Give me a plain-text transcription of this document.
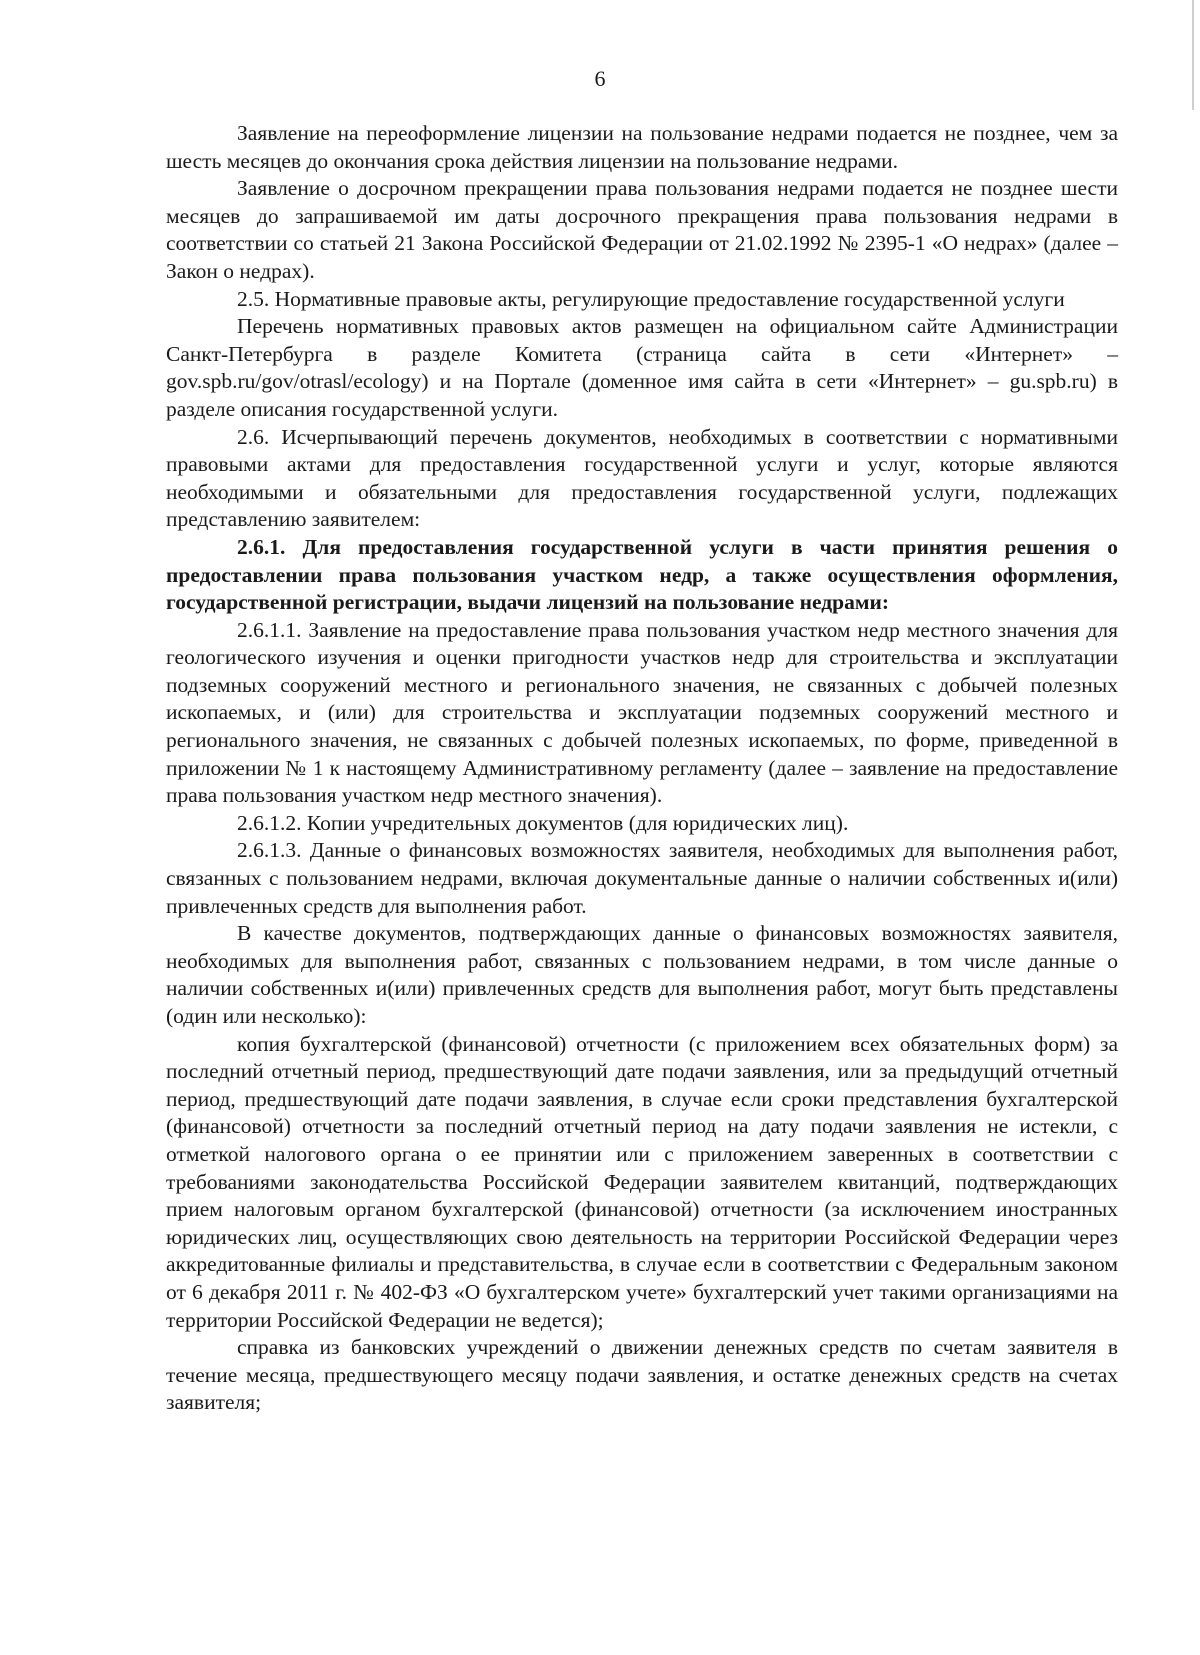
6

Заявление на переоформление лицензии на пользование недрами подается не позднее, чем за шесть месяцев до окончания срока действия лицензии на пользование недрами.

Заявление о досрочном прекращении права пользования недрами подается не позднее шести месяцев до запрашиваемой им даты досрочного прекращения права пользования недрами в соответствии со статьей 21 Закона Российской Федерации от 21.02.1992 № 2395-1 «О недрах» (далее – Закон о недрах).

2.5. Нормативные правовые акты, регулирующие предоставление государственной услуги

Перечень нормативных правовых актов размещен на официальном сайте Администрации Санкт-Петербурга в разделе Комитета (страница сайта в сети «Интернет» – gov.spb.ru/gov/otrasl/ecology) и на Портале (доменное имя сайта в сети «Интернет» – gu.spb.ru) в разделе описания государственной услуги.

2.6. Исчерпывающий перечень документов, необходимых в соответствии с нормативными правовыми актами для предоставления государственной услуги и услуг, которые являются необходимыми и обязательными для предоставления государственной услуги, подлежащих представлению заявителем:

2.6.1. Для предоставления государственной услуги в части принятия решения о предоставлении права пользования участком недр, а также осуществления оформления, государственной регистрации, выдачи лицензий на пользование недрами:

2.6.1.1. Заявление на предоставление права пользования участком недр местного значения для геологического изучения и оценки пригодности участков недр для строительства и эксплуатации подземных сооружений местного и регионального значения, не связанных с добычей полезных ископаемых, и (или) для строительства и эксплуатации подземных сооружений местного и регионального значения, не связанных с добычей полезных ископаемых, по форме, приведенной в приложении № 1 к настоящему Административному регламенту (далее – заявление на предоставление права пользования участком недр местного значения).

2.6.1.2. Копии учредительных документов (для юридических лиц).

2.6.1.3. Данные о финансовых возможностях заявителя, необходимых для выполнения работ, связанных с пользованием недрами, включая документальные данные о наличии собственных и(или) привлеченных средств для выполнения работ.

В качестве документов, подтверждающих данные о финансовых возможностях заявителя, необходимых для выполнения работ, связанных с пользованием недрами, в том числе данные о наличии собственных и(или) привлеченных средств для выполнения работ, могут быть представлены (один или несколько):

копия бухгалтерской (финансовой) отчетности (с приложением всех обязательных форм) за последний отчетный период, предшествующий дате подачи заявления, или за предыдущий отчетный период, предшествующий дате подачи заявления, в случае если сроки представления бухгалтерской (финансовой) отчетности за последний отчетный период на дату подачи заявления не истекли, с отметкой налогового органа о ее принятии или с приложением заверенных в соответствии с требованиями законодательства Российской Федерации заявителем квитанций, подтверждающих прием налоговым органом бухгалтерской (финансовой) отчетности (за исключением иностранных юридических лиц, осуществляющих свою деятельность на территории Российской Федерации через аккредитованные филиалы и представительства, в случае если в соответствии с Федеральным законом от 6 декабря 2011 г. № 402-ФЗ «О бухгалтерском учете» бухгалтерский учет такими организациями на территории Российской Федерации не ведется);

справка из банковских учреждений о движении денежных средств по счетам заявителя в течение месяца, предшествующего месяцу подачи заявления, и остатке денежных средств на счетах заявителя;
